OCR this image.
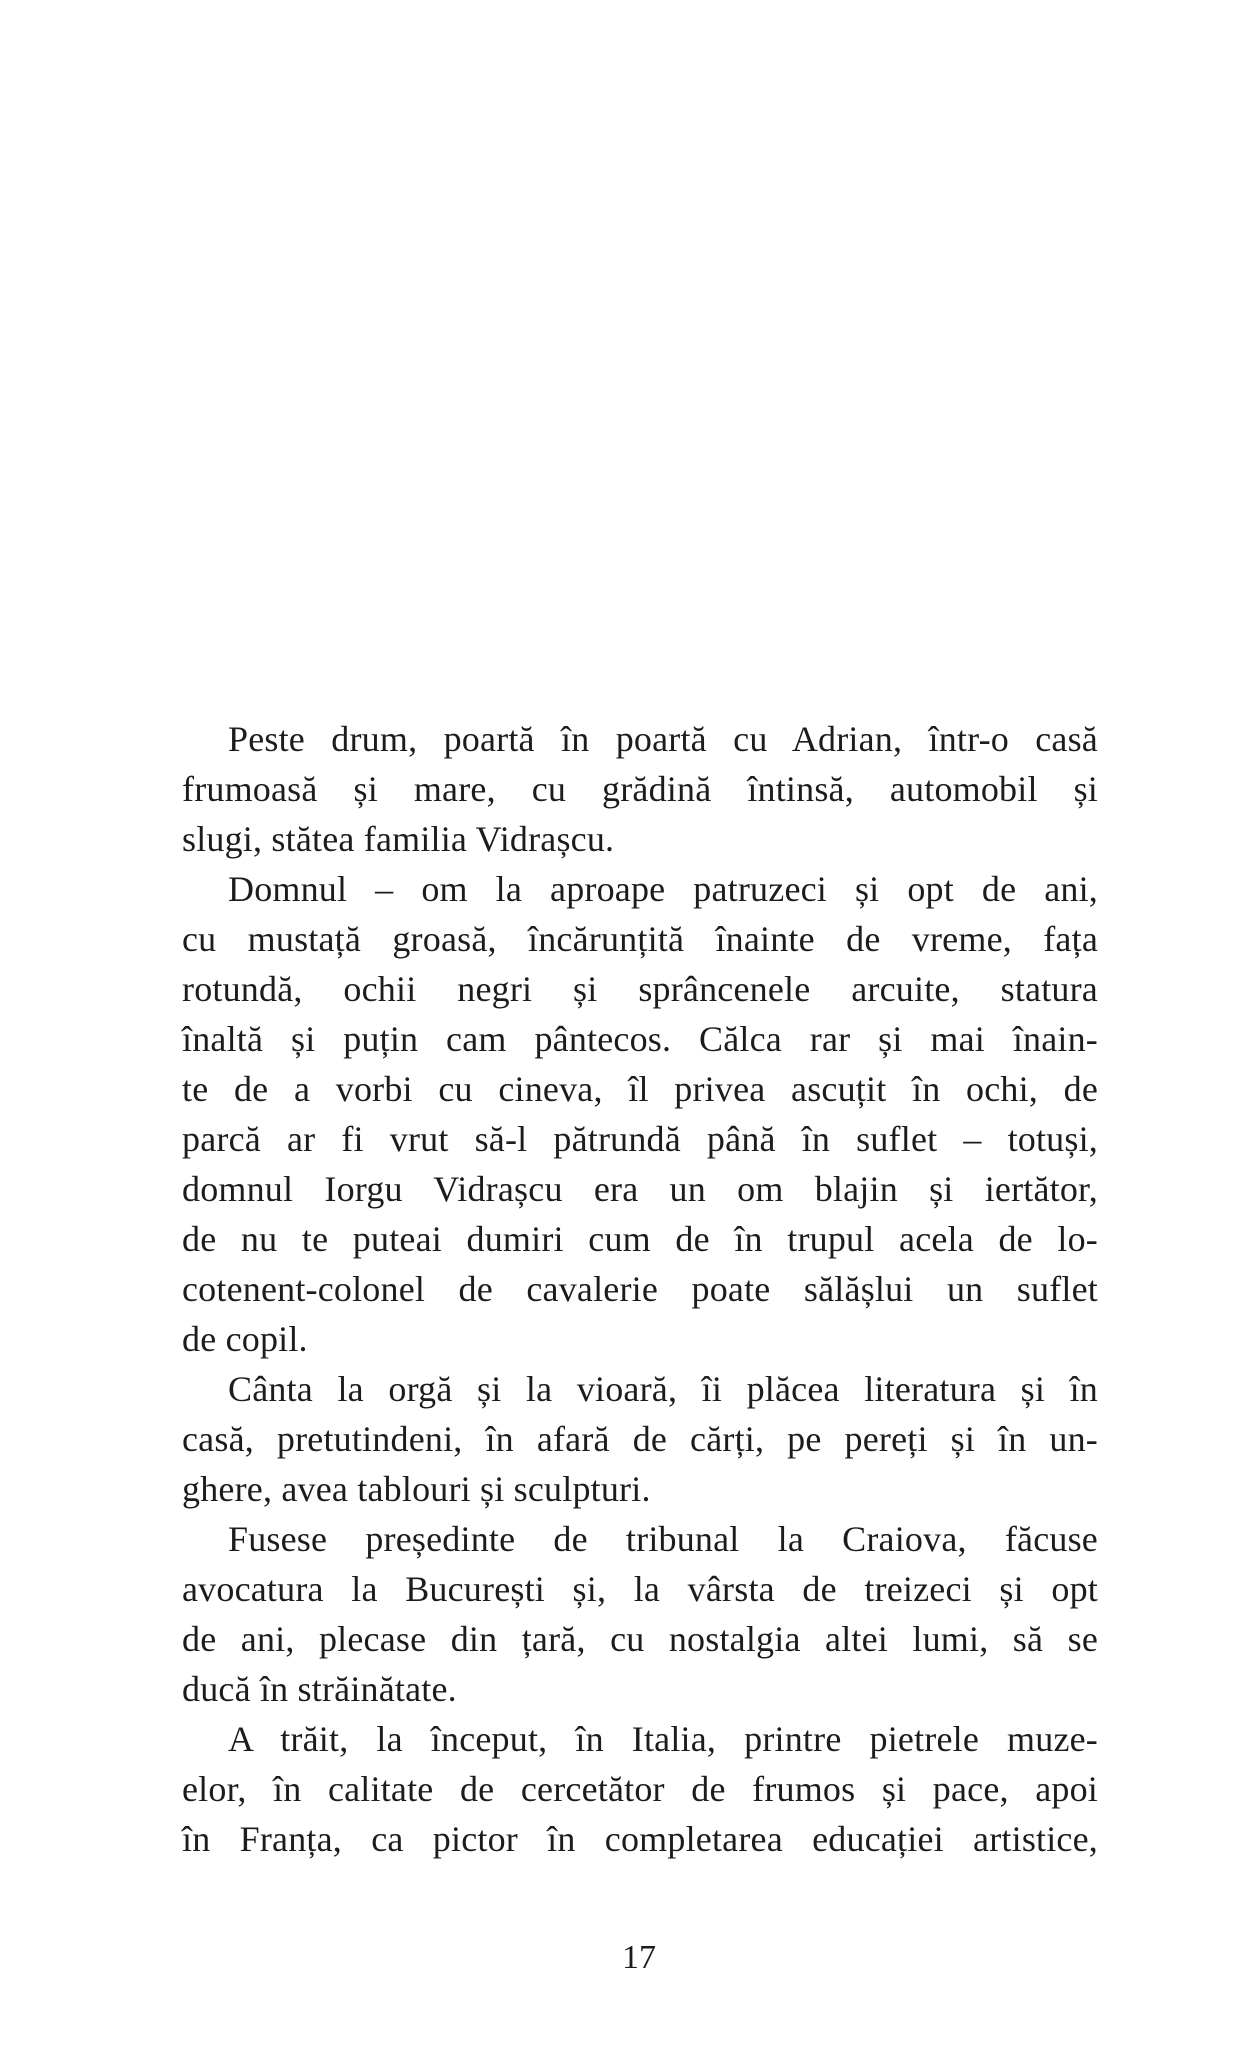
Peste drum, poartă în poartă cu Adrian, într-o casă
frumoasă și mare, cu grădină întinsă, automobil și
slugi, stătea familia Vidrașcu.
Domnul – om la aproape patruzeci și opt de ani,
cu mustață groasă, încărunțită înainte de vreme, fața
rotundă, ochii negri și sprâncenele arcuite, statura
înaltă și puțin cam pântecos. Călca rar și mai înain-
te de a vorbi cu cineva, îl privea ascuțit în ochi, de
parcă ar fi vrut să-l pătrundă până în suflet – totuși,
domnul Iorgu Vidrașcu era un om blajin și iertător,
de nu te puteai dumiri cum de în trupul acela de lo-
cotenent-colonel de cavalerie poate sălășlui un suflet
de copil.
Cânta la orgă și la vioară, îi plăcea literatura și în
casă, pretutindeni, în afară de cărți, pe pereți și în un-
ghere, avea tablouri și sculpturi.
Fusese președinte de tribunal la Craiova, făcuse
avocatura la București și, la vârsta de treizeci și opt
de ani, plecase din țară, cu nostalgia altei lumi, să se
ducă în străinătate.
A trăit, la început, în Italia, printre pietrele muze-
elor, în calitate de cercetător de frumos și pace, apoi
în Franța, ca pictor în completarea educației artistice,
17
